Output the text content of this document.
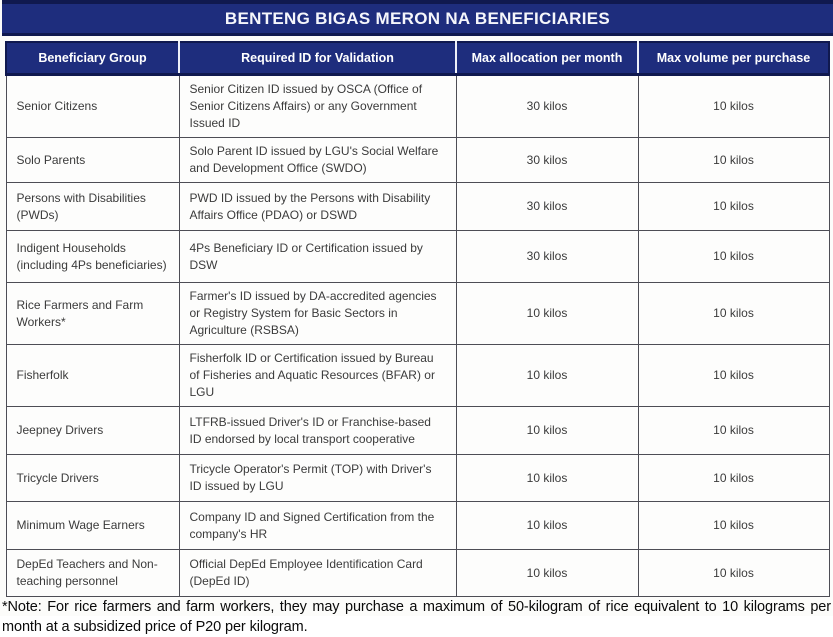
BENTENG BIGAS MERON NA BENEFICIARIES
Beneficiary Group	Required ID for Validation	Max allocation per month	Max volume per purchase
Senior Citizens	Senior Citizen ID issued by OSCA (Office of Senior Citizens Affairs) or any Government Issued ID	30 kilos	10 kilos
Solo Parents	Solo Parent ID issued by LGU's Social Welfare and Development Office (SWDO)	30 kilos	10 kilos
Persons with Disabilities (PWDs)	PWD ID issued by the Persons with Disability Affairs Office (PDAO) or DSWD	30 kilos	10 kilos
Indigent Households (including 4Ps beneficiaries)	4Ps Beneficiary ID or Certification issued by DSW	30 kilos	10 kilos
Rice Farmers and Farm Workers*	Farmer's ID issued by DA-accredited agencies or Registry System for Basic Sectors in Agriculture (RSBSA)	10 kilos	10 kilos
Fisherfolk	Fisherfolk ID or Certification issued by Bureau of Fisheries and Aquatic Resources (BFAR) or LGU	10 kilos	10 kilos
Jeepney Drivers	LTFRB-issued Driver's ID or Franchise-based ID endorsed by local transport cooperative	10 kilos	10 kilos
Tricycle Drivers	Tricycle Operator's Permit (TOP) with Driver's ID issued by LGU	10 kilos	10 kilos
Minimum Wage Earners	Company ID and Signed Certification from the company's HR	10 kilos	10 kilos
DepEd Teachers and Non-teaching personnel	Official DepEd Employee Identification Card (DepEd ID)	10 kilos	10 kilos
*Note: For rice farmers and farm workers, they may purchase a maximum of 50-kilogram of rice equivalent to 10 kilograms per month at a subsidized price of P20 per kilogram.
